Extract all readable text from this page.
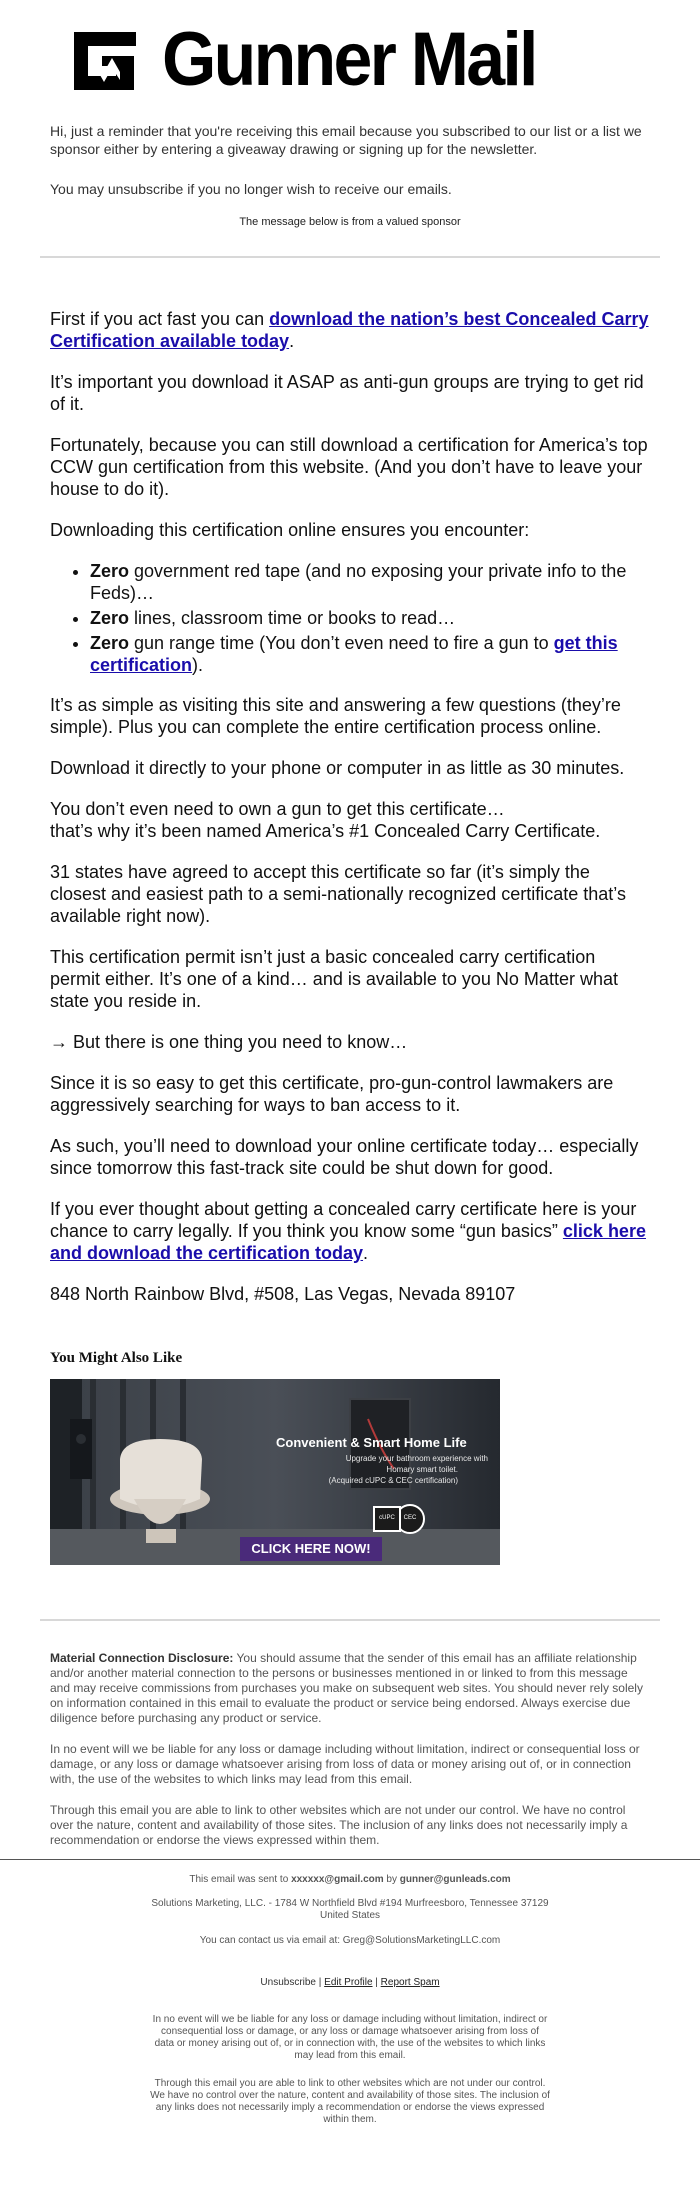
Gunner Mail

Hi, just a reminder that you're receiving this email because you subscribed to our list or a list we sponsor either by entering a giveaway drawing or signing up for the newsletter.

You may unsubscribe if you no longer wish to receive our emails.

The message below is from a valued sponsor

First if you act fast you can download the nation’s best Concealed Carry Certification available today.

It’s important you download it ASAP as anti-gun groups are trying to get rid of it.

Fortunately, because you can still download a certification for America’s top CCW gun certification from this website. (And you don’t have to leave your house to do it).

Downloading this certification online ensures you encounter:

• Zero government red tape (and no exposing your private info to the Feds)…
• Zero lines, classroom time or books to read…
• Zero gun range time (You don’t even need to fire a gun to get this certification).

It’s as simple as visiting this site and answering a few questions (they’re simple). Plus you can complete the entire certification process online.

Download it directly to your phone or computer in as little as 30 minutes.

You don’t even need to own a gun to get this certificate…
that’s why it’s been named America’s #1 Concealed Carry Certificate.

31 states have agreed to accept this certificate so far (it’s simply the closest and easiest path to a semi-nationally recognized certificate that’s available right now).

This certification permit isn’t just a basic concealed carry certification permit either. It’s one of a kind… and is available to you No Matter what state you reside in.

→ But there is one thing you need to know…

Since it is so easy to get this certificate, pro-gun-control lawmakers are aggressively searching for ways to ban access to it.

As such, you’ll need to download your online certificate today… especially since tomorrow this fast-track site could be shut down for good.

If you ever thought about getting a concealed carry certificate here is your chance to carry legally. If you think you know some “gun basics” click here and download the certification today.

848 North Rainbow Blvd, #508, Las Vegas, Nevada 89107

You Might Also Like
Convenient & Smart Home Life
Upgrade your bathroom experience with
Homary smart toilet.
(Acquired cUPC & CEC certification)
cUPC	CEC
CLICK HERE NOW!

Material Connection Disclosure: You should assume that the sender of this email has an affiliate relationship and/or another material connection to the persons or businesses mentioned in or linked to from this message and may receive commissions from purchases you make on subsequent web sites. You should never rely solely on information contained in this email to evaluate the product or service being endorsed. Always exercise due diligence before purchasing any product or service.

In no event will we be liable for any loss or damage including without limitation, indirect or consequential loss or damage, or any loss or damage whatsoever arising from loss of data or money arising out of, or in connection with, the use of the websites to which links may lead from this email.

Through this email you are able to link to other websites which are not under our control. We have no control over the nature, content and availability of those sites. The inclusion of any links does not necessarily imply a recommendation or endorse the views expressed within them.

This email was sent to xxxxxx@gmail.com by gunner@gunleads.com

Solutions Marketing, LLC. - 1784 W Northfield Blvd #194 Murfreesboro, Tennessee 37129 United States

You can contact us via email at: Greg@SolutionsMarketingLLC.com

Unsubscribe | Edit Profile | Report Spam

In no event will we be liable for any loss or damage including without limitation, indirect or consequential loss or damage, or any loss or damage whatsoever arising from loss of data or money arising out of, or in connection with, the use of the websites to which links may lead from this email.

Through this email you are able to link to other websites which are not under our control. We have no control over the nature, content and availability of those sites. The inclusion of any links does not necessarily imply a recommendation or endorse the views expressed within them.
